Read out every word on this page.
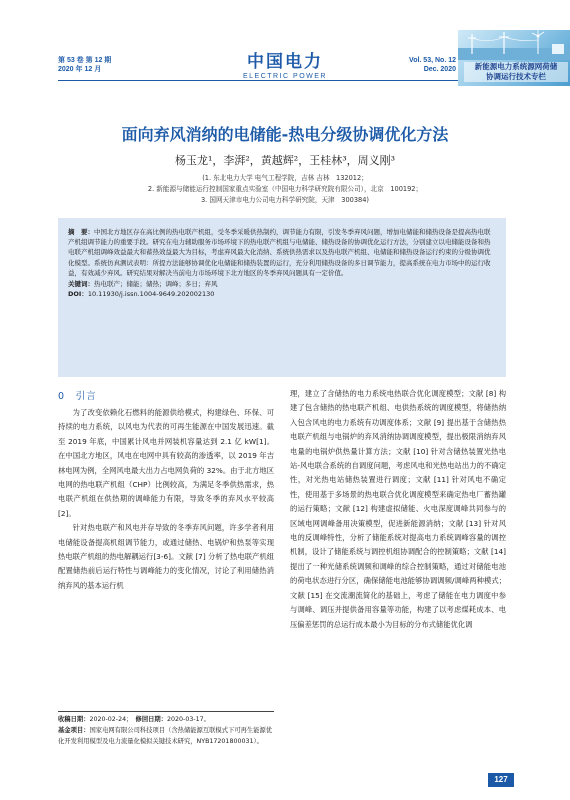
第 53 卷 第 12 期
2020 年 12 月	中国电力
ELECTRIC POWER
Vol. 53, No. 12
Dec. 2020	新能源电力系统源网荷储
协调运行技术专栏
面向弃风消纳的电储能-热电分级协调优化方法
杨玉龙¹，李湃²，黄越辉²，王桂林³，周义刚³
(1. 东北电力大学 电气工程学院，吉林 吉林　132012；
2. 新能源与储能运行控制国家重点实验室（中国电力科学研究院有限公司），北京　100192；
3. 国网天津市电力公司电力科学研究院，天津　300384)

摘　要：中国北方地区存在高比例的热电联产机组，受冬季采暖供热制约，调节能力有限，引发冬季弃风问题，增加电储能和储热设备是提高热电联产机组调节能力的重要手段。研究在电力辅助服务市场环境下的热电联产机组与电储能、储热设备的协调优化运行方法，分别建立以电储能设备和热电联产机组调峰效益最大和蓄热效益最大为目标，考虑弃风最大化消纳、系统供热需求以及热电联产机组、电储能和储热设备运行约束的分级协调优化模型。系统仿真测试表明：所提方法能够协调优化电储能和储热装置的运行，充分利用储热设备的多日调节能力，提高系统在电力市场中的运行收益，有效减少弃风。研究结果对解决当前电力市场环境下北方地区的冬季弃风问题具有一定价值。

关键词：热电联产；储能；储热；调峰；多日；弃风

DOI：10.11930/j.issn.1004-9649.202002130

0　 引言

为了改变依赖化石燃料的能源供给模式，构建绿色、环保、可持续的电力系统，以风电为代表的可再生能源在中国发展迅速。截至 2019 年底，中国累计风电并网装机容量达到 2.1 亿 kW[1]。在中国北方地区，风电在电网中具有较高的渗透率，以 2019 年吉林电网为例，全网风电最大出力占电网负荷的 32%。由于北方地区电网的热电联产机组（CHP）比例较高，为满足冬季供热需求，热电联产机组在供热期的调峰能力有限，导致冬季的弃风水平较高[2]。

针对热电联产和风电并存导致的冬季弃风问题，许多学者利用电储能设备提高机组调节能力，或通过储热、电锅炉和热泵等实现热电联产机组的热电解耦运行[3-6]。文献 [7] 分析了热电联产机组配置储热前后运行特性与调峰能力的变化情况，讨论了利用储热消纳弃风的基本运行机

理，建立了含储热的电力系统电热联合优化调度模型；文献 [8] 构建了包含储热的热电联产机组、电供热系统的调度模型，将储热纳入包含风电的电力系统有功调度体系；文献 [9] 提出基于含储热热电联产机组与电锅炉的弃风消纳协调调度模型，提出极限消纳弃风电量的电锅炉供热量计算方法；文献 [10] 针对含储热装置光热电站-风电联合系统的自调度问题，考虑风电和光热电站出力的不确定性，对光热电站储热装置进行调度；文献 [11] 针对风电不确定性，使用基于多场景的热电联合优化调度模型来确定热电厂蓄热罐的运行策略；文献 [12] 构建虚拟储能、火电深度调峰共同参与的区域电网调峰备用决策模型，促进新能源消纳；文献 [13] 针对风电的反调峰特性，分析了储能系统对提高电力系统调峰容量的调控机制，设计了储能系统与调控机组协调配合的控制策略；文献 [14] 提出了一种光储系统调频和调峰的综合控制策略，通过对储能电池的荷电状态进行分区，确保储能电池能够协调调频/调峰两种模式；文献 [15] 在交流潮流简化的基础上，考虑了储能在电力调度中参与调峰、调压并提供备用容量等功能，构建了以考虑煤耗成本、电压偏差惩罚的总运行成本最小为目标的分布式储能优化调

收稿日期：2020-02-24；　 修回日期：2020-03-17。

基金项目：国家电网有限公司科技项目（含热储能源互联模式下可再生能源优化开发利用模型及电力流量化模拟关键技术研究，NYB17201800031）。

127
